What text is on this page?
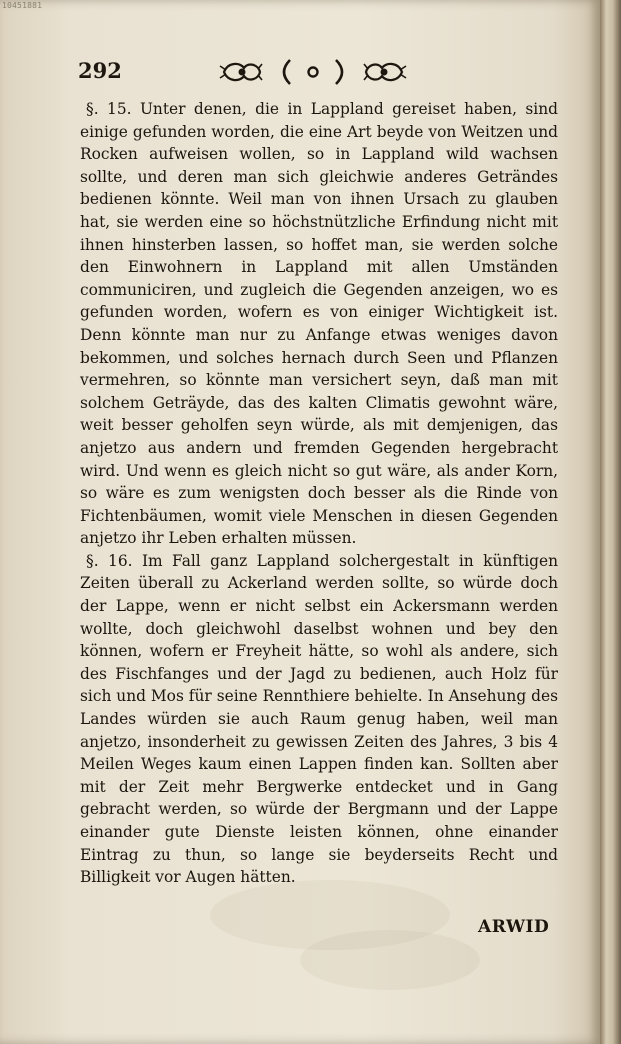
10451881
292

§. 15. Unter denen, die in Lappland gereiset haben, sind einige gefunden worden, die eine Art beyde von Weitzen und Rocken aufweisen wollen, so in Lappland wild wachsen sollte, und deren man sich gleichwie anderes Geträndes bedienen könnte. Weil man von ihnen Ursach zu glauben hat, sie werden eine so höchstnützliche Erfindung nicht mit ihnen hinsterben lassen, so hoffet man, sie werden solche den Einwohnern in Lappland mit allen Umständen communiciren, und zugleich die Gegenden anzeigen, wo es gefunden worden, wofern es von einiger Wichtigkeit ist. Denn könnte man nur zu Anfange etwas weniges davon bekommen, und solches hernach durch Seen und Pflanzen vermehren, so könnte man versichert seyn, daß man mit solchem Geträyde, das des kalten Climatis gewohnt wäre, weit besser geholfen seyn würde, als mit demjenigen, das anjetzo aus andern und fremden Gegenden hergebracht wird. Und wenn es gleich nicht so gut wäre, als ander Korn, so wäre es zum wenigsten doch besser als die Rinde von Fichtenbäumen, womit viele Menschen in diesen Gegenden anjetzo ihr Leben erhalten müssen.

§. 16. Im Fall ganz Lappland solchergestalt in künftigen Zeiten überall zu Ackerland werden sollte, so würde doch der Lappe, wenn er nicht selbst ein Ackersmann werden wollte, doch gleichwohl daselbst wohnen und bey den können, wofern er Freyheit hätte, so wohl als andere, sich des Fischfanges und der Jagd zu bedienen, auch Holz für sich und Mos für seine Rennthiere behielte. In Ansehung des Landes würden sie auch Raum genug haben, weil man anjetzo, insonderheit zu gewissen Zeiten des Jahres, 3 bis 4 Meilen Weges kaum einen Lappen finden kan. Sollten aber mit der Zeit mehr Bergwerke entdecket und in Gang gebracht werden, so würde der Bergmann und der Lappe einander gute Dienste leisten können, ohne einander Eintrag zu thun, so lange sie beyderseits Recht und Billigkeit vor Augen hätten.

ARWID
